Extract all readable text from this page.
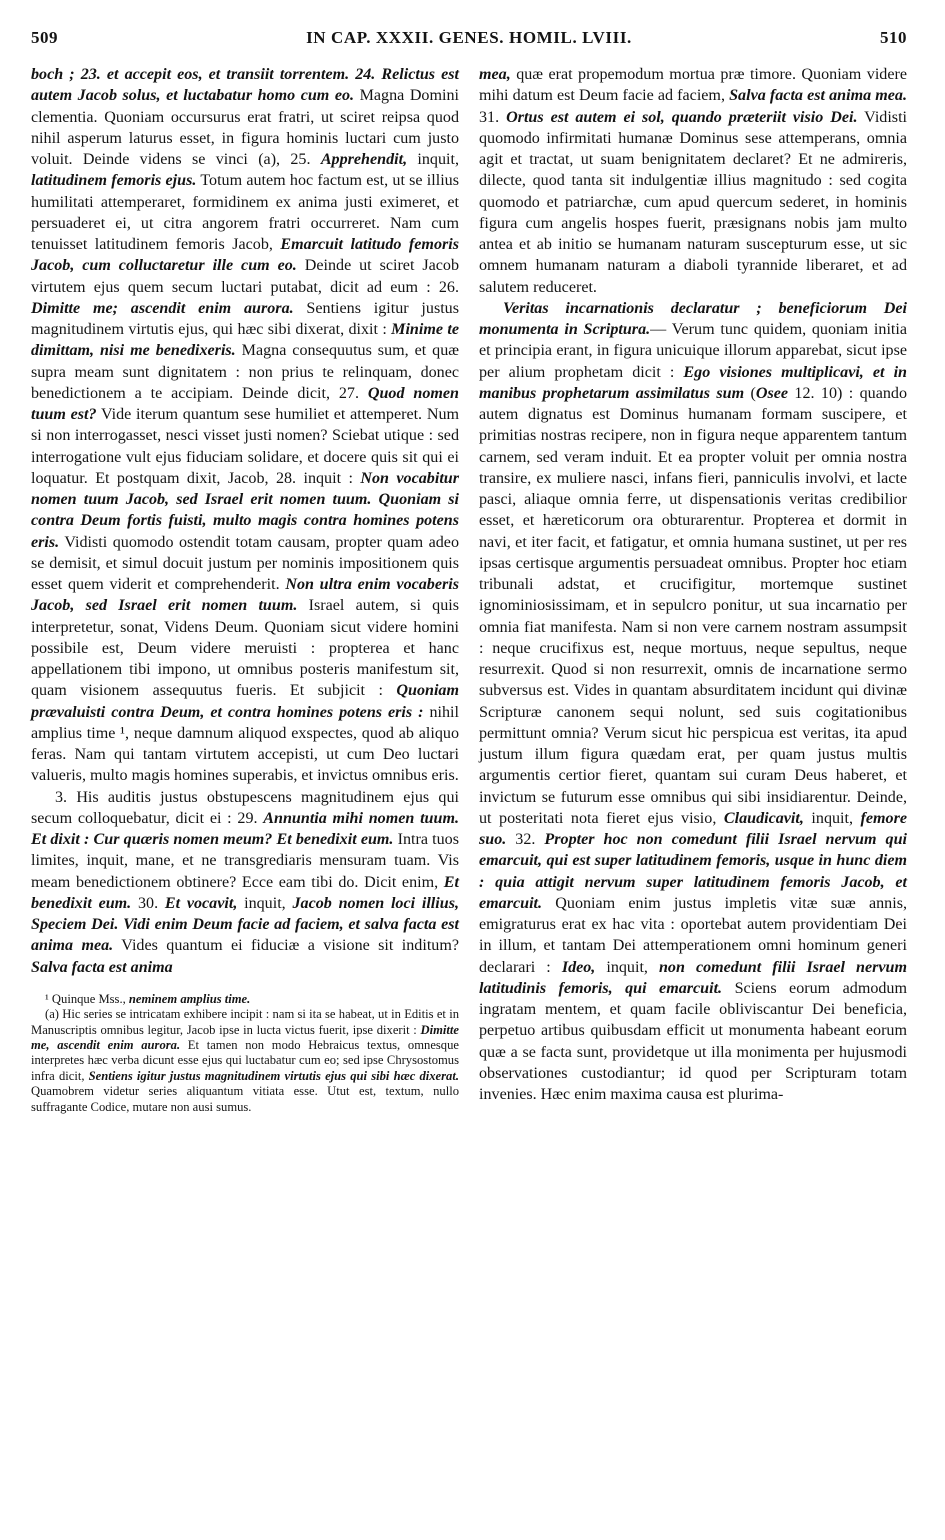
509	IN CAP. XXXII. GENES. HOMIL. LVIII.	510

boch ; 23. et accepit eos, et transiit torrentem. 24. Relictus est autem Jacob solus, et luctabatur homo cum eo. Magna Domini clementia. Quoniam occursurus erat fratri, ut sciret reipsa quod nihil asperum laturus esset, in figura hominis luctari cum justo voluit. Deinde videns se vinci (a), 25. Apprehendit, inquit, latitudinem femoris ejus. Totum autem hoc factum est, ut se illius humilitati attemperaret, formidinem ex anima justi eximeret, et persuaderet ei, ut citra angorem fratri occurreret. Nam cum tenuisset latitudinem femoris Jacob, Emarcuit latitudo femoris Jacob, cum colluctaretur ille cum eo. Deinde ut sciret Jacob virtutem ejus quem secum luctari putabat, dicit ad eum : 26. Dimitte me; ascendit enim aurora. Sentiens igitur justus magnitudinem virtutis ejus, qui hæc sibi dixerat, dixit : Minime te dimittam, nisi me benedixeris. Magna consequutus sum, et quæ supra meam sunt dignitatem : non prius te relinquam, donec benedictionem a te accipiam. Deinde dicit, 27. Quod nomen tuum est? Vide iterum quantum sese humiliet et attemperet. Num si non interrogasset, nesci visset justi nomen? Sciebat utique : sed interrogatione vult ejus fiduciam solidare, et docere quis sit qui ei loquatur. Et postquam dixit, Jacob, 28. inquit : Non vocabitur nomen tuum Jacob, sed Israel erit nomen tuum. Quoniam si contra Deum fortis fuisti, multo magis contra homines potens eris. Vidisti quomodo ostendit totam causam, propter quam adeo se demisit, et simul docuit justum per nominis impositionem quis esset quem viderit et comprehenderit. Non ultra enim vocaberis Jacob, sed Israel erit nomen tuum. Israel autem, si quis interpretetur, sonat, Videns Deum. Quoniam sicut videre homini possibile est, Deum videre meruisti : propterea et hanc appellationem tibi impono, ut omnibus posteris manifestum sit, quam visionem assequutus fueris. Et subjicit : Quoniam prævaluisti contra Deum, et contra homines potens eris : nihil amplius time ¹, neque damnum aliquod exspectes, quod ab aliquo feras. Nam qui tantam virtutem accepisti, ut cum Deo luctari valueris, multo magis homines superabis, et invictus omnibus eris.

3. His auditis justus obstupescens magnitudinem ejus qui secum colloquebatur, dicit ei : 29. Annuntia mihi nomen tuum. Et dixit : Cur quæris nomen meum? Et benedixit eum. Intra tuos limites, inquit, mane, et ne transgrediaris mensuram tuam. Vis meam benedictionem obtinere? Ecce eam tibi do. Dicit enim, Et benedixit eum. 30. Et vocavit, inquit, Jacob nomen loci illius, Speciem Dei. Vidi enim Deum facie ad faciem, et salva facta est anima mea. Vides quantum ei fiduciæ a visione sit inditum? Salva facta est anima

¹ Quinque Mss., neminem amplius time.
(a) Hic series se intricatam exhibere incipit : nam si ita se habeat, ut in Editis et in Manuscriptis omnibus legitur, Jacob ipse in lucta victus fuerit, ipse dixerit : Dimitte me, ascendit enim aurora. Et tamen non modo Hebraicus textus, omnesque interpretes hæc verba dicunt esse ejus qui luctabatur cum eo; sed ipse Chrysostomus infra dicit, Sentiens igitur justus magnitudinem virtutis ejus qui sibi hæc dixerat. Quamobrem videtur series aliquantum vitiata esse. Utut est, textum, nullo suffragante Codice, mutare non ausi sumus.

mea, quæ erat propemodum mortua præ timore. Quoniam videre mihi datum est Deum facie ad faciem, Salva facta est anima mea. 31. Ortus est autem ei sol, quando præteriit visio Dei. Vidisti quomodo infirmitati humanæ Dominus sese attemperans, omnia agit et tractat, ut suam benignitatem declaret? Et ne admireris, dilecte, quod tanta sit indulgentiæ illius magnitudo : sed cogita quomodo et patriarchæ, cum apud quercum sederet, in hominis figura cum angelis hospes fuerit, præsignans nobis jam multo antea et ab initio se humanam naturam suscepturum esse, ut sic omnem humanam naturam a diaboli tyrannide liberaret, et ad salutem reduceret.

Veritas incarnationis declaratur ; beneficiorum Dei monumenta in Scriptura.— Verum tunc quidem, quoniam initia et principia erant, in figura unicuique illorum apparebat, sicut ipse per alium prophetam dicit : Ego visiones multiplicavi, et in manibus prophetarum assimilatus sum (Osee 12. 10) : quando autem dignatus est Dominus humanam formam suscipere, et primitias nostras recipere, non in figura neque apparentem tantum carnem, sed veram induit. Et ea propter voluit per omnia nostra transire, ex muliere nasci, infans fieri, panniculis involvi, et lacte pasci, aliaque omnia ferre, ut dispensationis veritas credibilior esset, et hæreticorum ora obturarentur. Propterea et dormit in navi, et iter facit, et fatigatur, et omnia humana sustinet, ut per res ipsas certisque argumentis persuadeat omnibus. Propter hoc etiam tribunali adstat, et crucifigitur, mortemque sustinet ignominiosissimam, et in sepulcro ponitur, ut sua incarnatio per omnia fiat manifesta. Nam si non vere carnem nostram assumpsit : neque crucifixus est, neque mortuus, neque sepultus, neque resurrexit. Quod si non resurrexit, omnis de incarnatione sermo subversus est. Vides in quantam absurditatem incidunt qui divinæ Scripturæ canonem sequi nolunt, sed suis cogitationibus permittunt omnia? Verum sicut hic perspicua est veritas, ita apud justum illum figura quædam erat, per quam justus multis argumentis certior fieret, quantam sui curam Deus haberet, et invictum se futurum esse omnibus qui sibi insidiarentur. Deinde, ut posteritati nota fieret ejus visio, Claudicavit, inquit, femore suo. 32. Propter hoc non comedunt filii Israel nervum qui emarcuit, qui est super latitudinem femoris, usque in hunc diem : quia attigit nervum super latitudinem femoris Jacob, et emarcuit. Quoniam enim justus impletis vitæ suæ annis, emigraturus erat ex hac vita : oportebat autem providentiam Dei in illum, et tantam Dei attemperationem omni hominum generi declarari : Ideo, inquit, non comedunt filii Israel nervum latitudinis femoris, qui emarcuit. Sciens eorum admodum ingratam mentem, et quam facile obliviscantur Dei beneficia, perpetuo artibus quibusdam efficit ut monumenta habeant eorum quæ a se facta sunt, providetque ut illa monimenta per hujusmodi observationes custodiantur; id quod per Scripturam totam invenies. Hæc enim maxima causa est plurima-
